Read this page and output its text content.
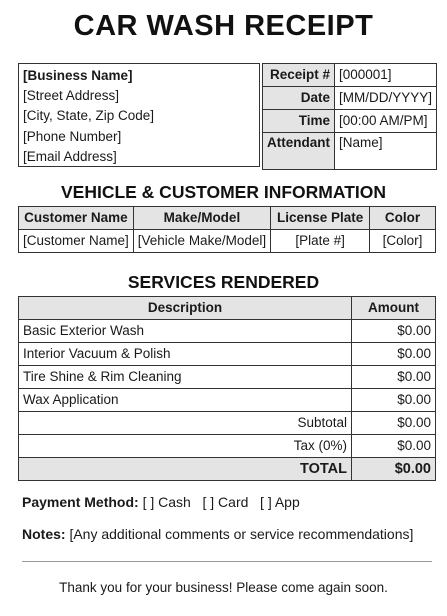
CAR WASH RECEIPT
[Business Name]
[Street Address]
[City, State, Zip Code]
[Phone Number]
[Email Address]
Receipt #	[000001]
Date	[MM/DD/YYYY]
Time	[00:00 AM/PM]
Attendant	[Name]
VEHICLE & CUSTOMER INFORMATION
Customer Name	Make/Model	License Plate	Color
[Customer Name]	[Vehicle Make/Model]	[Plate #]	[Color]
SERVICES RENDERED
Description	Amount
Basic Exterior Wash	$0.00
Interior Vacuum & Polish	$0.00
Tire Shine & Rim Cleaning	$0.00
Wax Application	$0.00
Subtotal	$0.00
Tax (0%)	$0.00
TOTAL	$0.00
Payment Method: [ ] Cash   [ ] Card   [ ] App
Notes: [Any additional comments or service recommendations]
Thank you for your business! Please come again soon.
